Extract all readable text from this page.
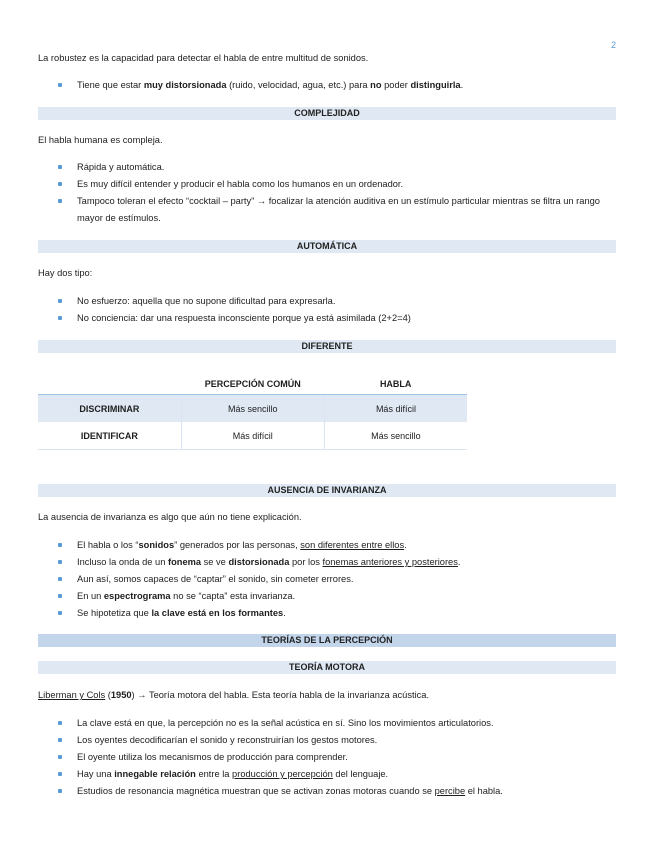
2

La robustez es la capacidad para detectar el habla de entre multitud de sonidos.

Tiene que estar muy distorsionada (ruido, velocidad, agua, etc.) para no poder distinguirla.
COMPLEJIDAD

El habla humana es compleja.

Rápida y automática.
Es muy difícil entender y producir el habla como los humanos en un ordenador.
Tampoco toleran el efecto “cocktail – party” → focalizar la atención auditiva en un estímulo particular mientras se filtra un rango mayor de estímulos.
AUTOMÁTICA

Hay dos tipo:

No esfuerzo: aquella que no supone dificultad para expresarla.
No conciencia: dar una respuesta inconsciente porque ya está asimilada (2+2=4)
DIFERENTE
	PERCEPCIÓN COMÚN	HABLA
DISCRIMINAR	Más sencillo	Más difícil
IDENTIFICAR	Más difícil	Más sencillo
AUSENCIA DE INVARIANZA

La ausencia de invarianza es algo que aún no tiene explicación.

El habla o los “sonidos” generados por las personas, son diferentes entre ellos.
Incluso la onda de un fonema se ve distorsionada por los fonemas anteriores y posteriores.
Aun así, somos capaces de “captar” el sonido, sin cometer errores.
En un espectrograma no se “capta” esta invarianza.
Se hipotetiza que la clave está en los formantes.
TEORÍAS DE LA PERCEPCIÓN
TEORÍA MOTORA

Liberman y Cols (1950) → Teoría motora del habla. Esta teoría habla de la invarianza acústica.

La clave está en que, la percepción no es la señal acústica en sí. Sino los movimientos articulatorios.
Los oyentes decodificarían el sonido y reconstruirían los gestos motores.
El oyente utiliza los mecanismos de producción para comprender.
Hay una innegable relación entre la producción y percepción del lenguaje.
Estudios de resonancia magnética muestran que se activan zonas motoras cuando se percibe el habla.
